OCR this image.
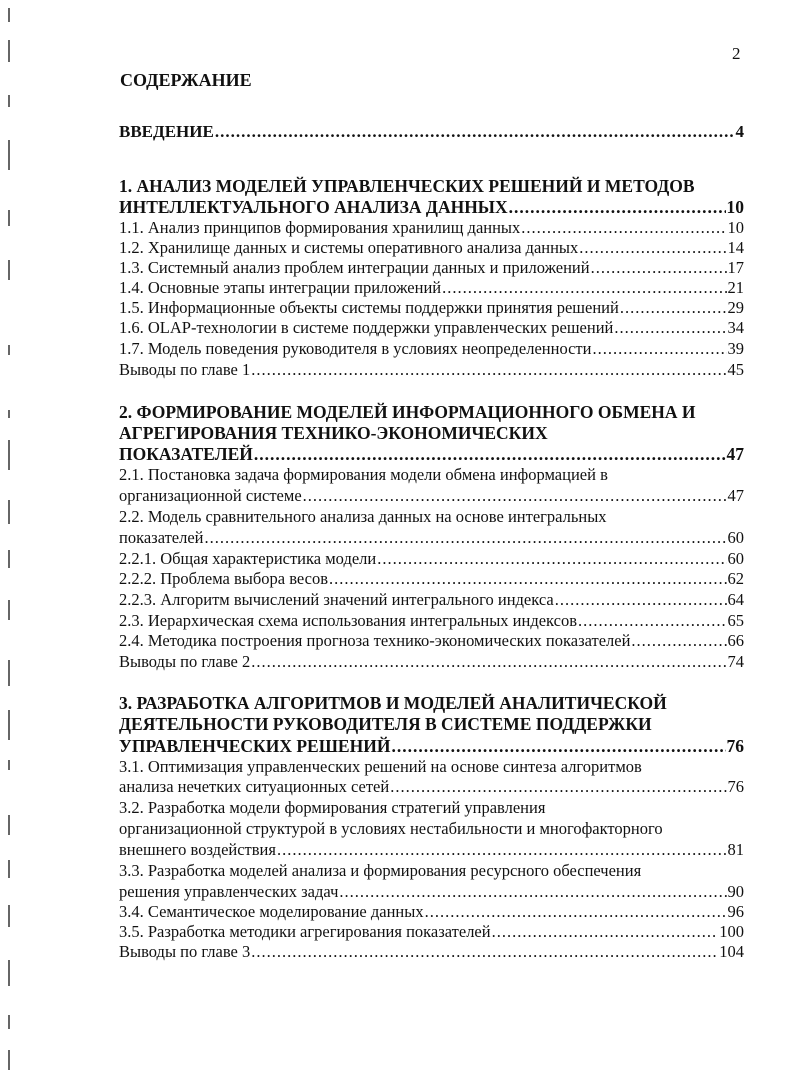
2
СОДЕРЖАНИЕ
ВВЕДЕНИЕ .....	4
1. АНАЛИЗ МОДЕЛЕЙ УПРАВЛЕНЧЕСКИХ РЕШЕНИЙ И МЕТОДОВ
ИНТЕЛЛЕКТУАЛЬНОГО АНАЛИЗА ДАННЫХ .....	10
1.1. Анализ принципов формирования хранилищ данных .....	10
1.2. Хранилище данных и системы оперативного анализа данных .....	14
1.3. Системный анализ проблем интеграции данных и приложений .....	17
1.4. Основные этапы интеграции приложений .....	21
1.5. Информационные объекты системы поддержки принятия решений .....	29
1.6. OLAP-технологии в системе поддержки управленческих решений .....	34
1.7. Модель поведения руководителя в условиях неопределенности .....	39
Выводы по главе 1 .....	45
2. ФОРМИРОВАНИЕ МОДЕЛЕЙ ИНФОРМАЦИОННОГО ОБМЕНА И
АГРЕГИРОВАНИЯ ТЕХНИКО-ЭКОНОМИЧЕСКИХ
ПОКАЗАТЕЛЕЙ .....	47
2.1. Постановка задача формирования модели обмена информацией в
организационной системе .....	47
2.2. Модель сравнительного анализа данных на основе интегральных
показателей .....	60
2.2.1. Общая характеристика модели .....	60
2.2.2. Проблема выбора весов .....	62
2.2.3. Алгоритм вычислений значений интегрального индекса .....	64
2.3. Иерархическая схема использования интегральных индексов .....	65
2.4. Методика построения прогноза технико-экономических показателей .....	66
Выводы по главе 2 .....	74
3. РАЗРАБОТКА АЛГОРИТМОВ И МОДЕЛЕЙ АНАЛИТИЧЕСКОЙ
ДЕЯТЕЛЬНОСТИ РУКОВОДИТЕЛЯ В СИСТЕМЕ ПОДДЕРЖКИ
УПРАВЛЕНЧЕСКИХ РЕШЕНИЙ .....	76
3.1. Оптимизация управленческих решений на основе синтеза алгоритмов
анализа нечетких ситуационных сетей .....	76
3.2. Разработка модели формирования стратегий управления
организационной структурой в условиях нестабильности и многофакторного
внешнего воздействия .....	81
3.3. Разработка моделей анализа и формирования ресурсного обеспечения
решения управленческих задач .....	90
3.4. Семантическое моделирование данных .....	96
3.5. Разработка методики агрегирования показателей .....	100
Выводы по главе 3 .....	104
